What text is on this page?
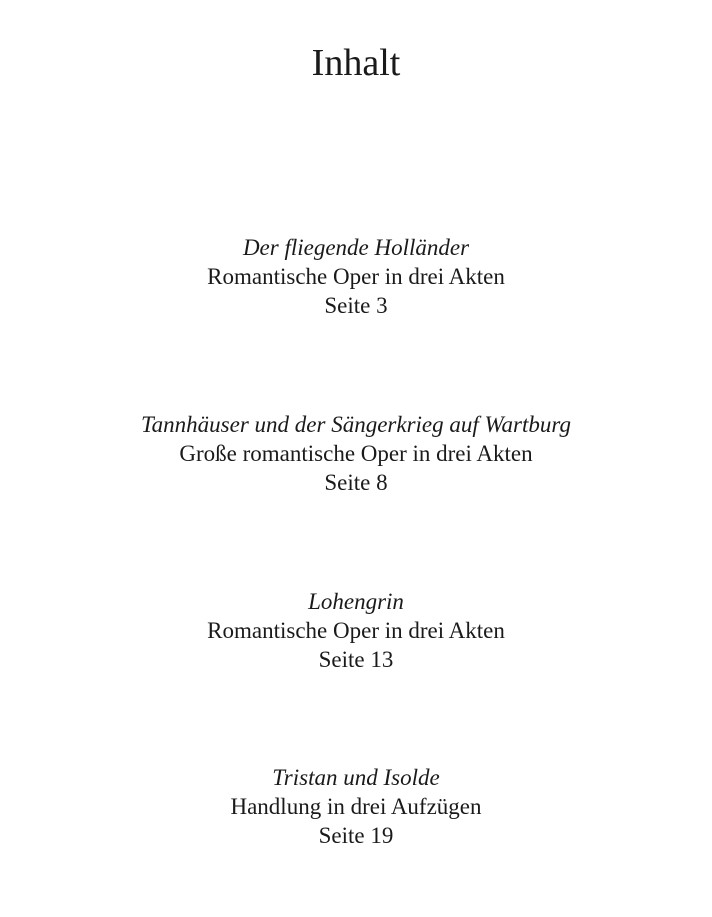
Inhalt
Der fliegende Holländer
Romantische Oper in drei Akten
Seite 3
Tannhäuser und der Sängerkrieg auf Wartburg
Große romantische Oper in drei Akten
Seite 8
Lohengrin
Romantische Oper in drei Akten
Seite 13
Tristan und Isolde
Handlung in drei Aufzügen
Seite 19
